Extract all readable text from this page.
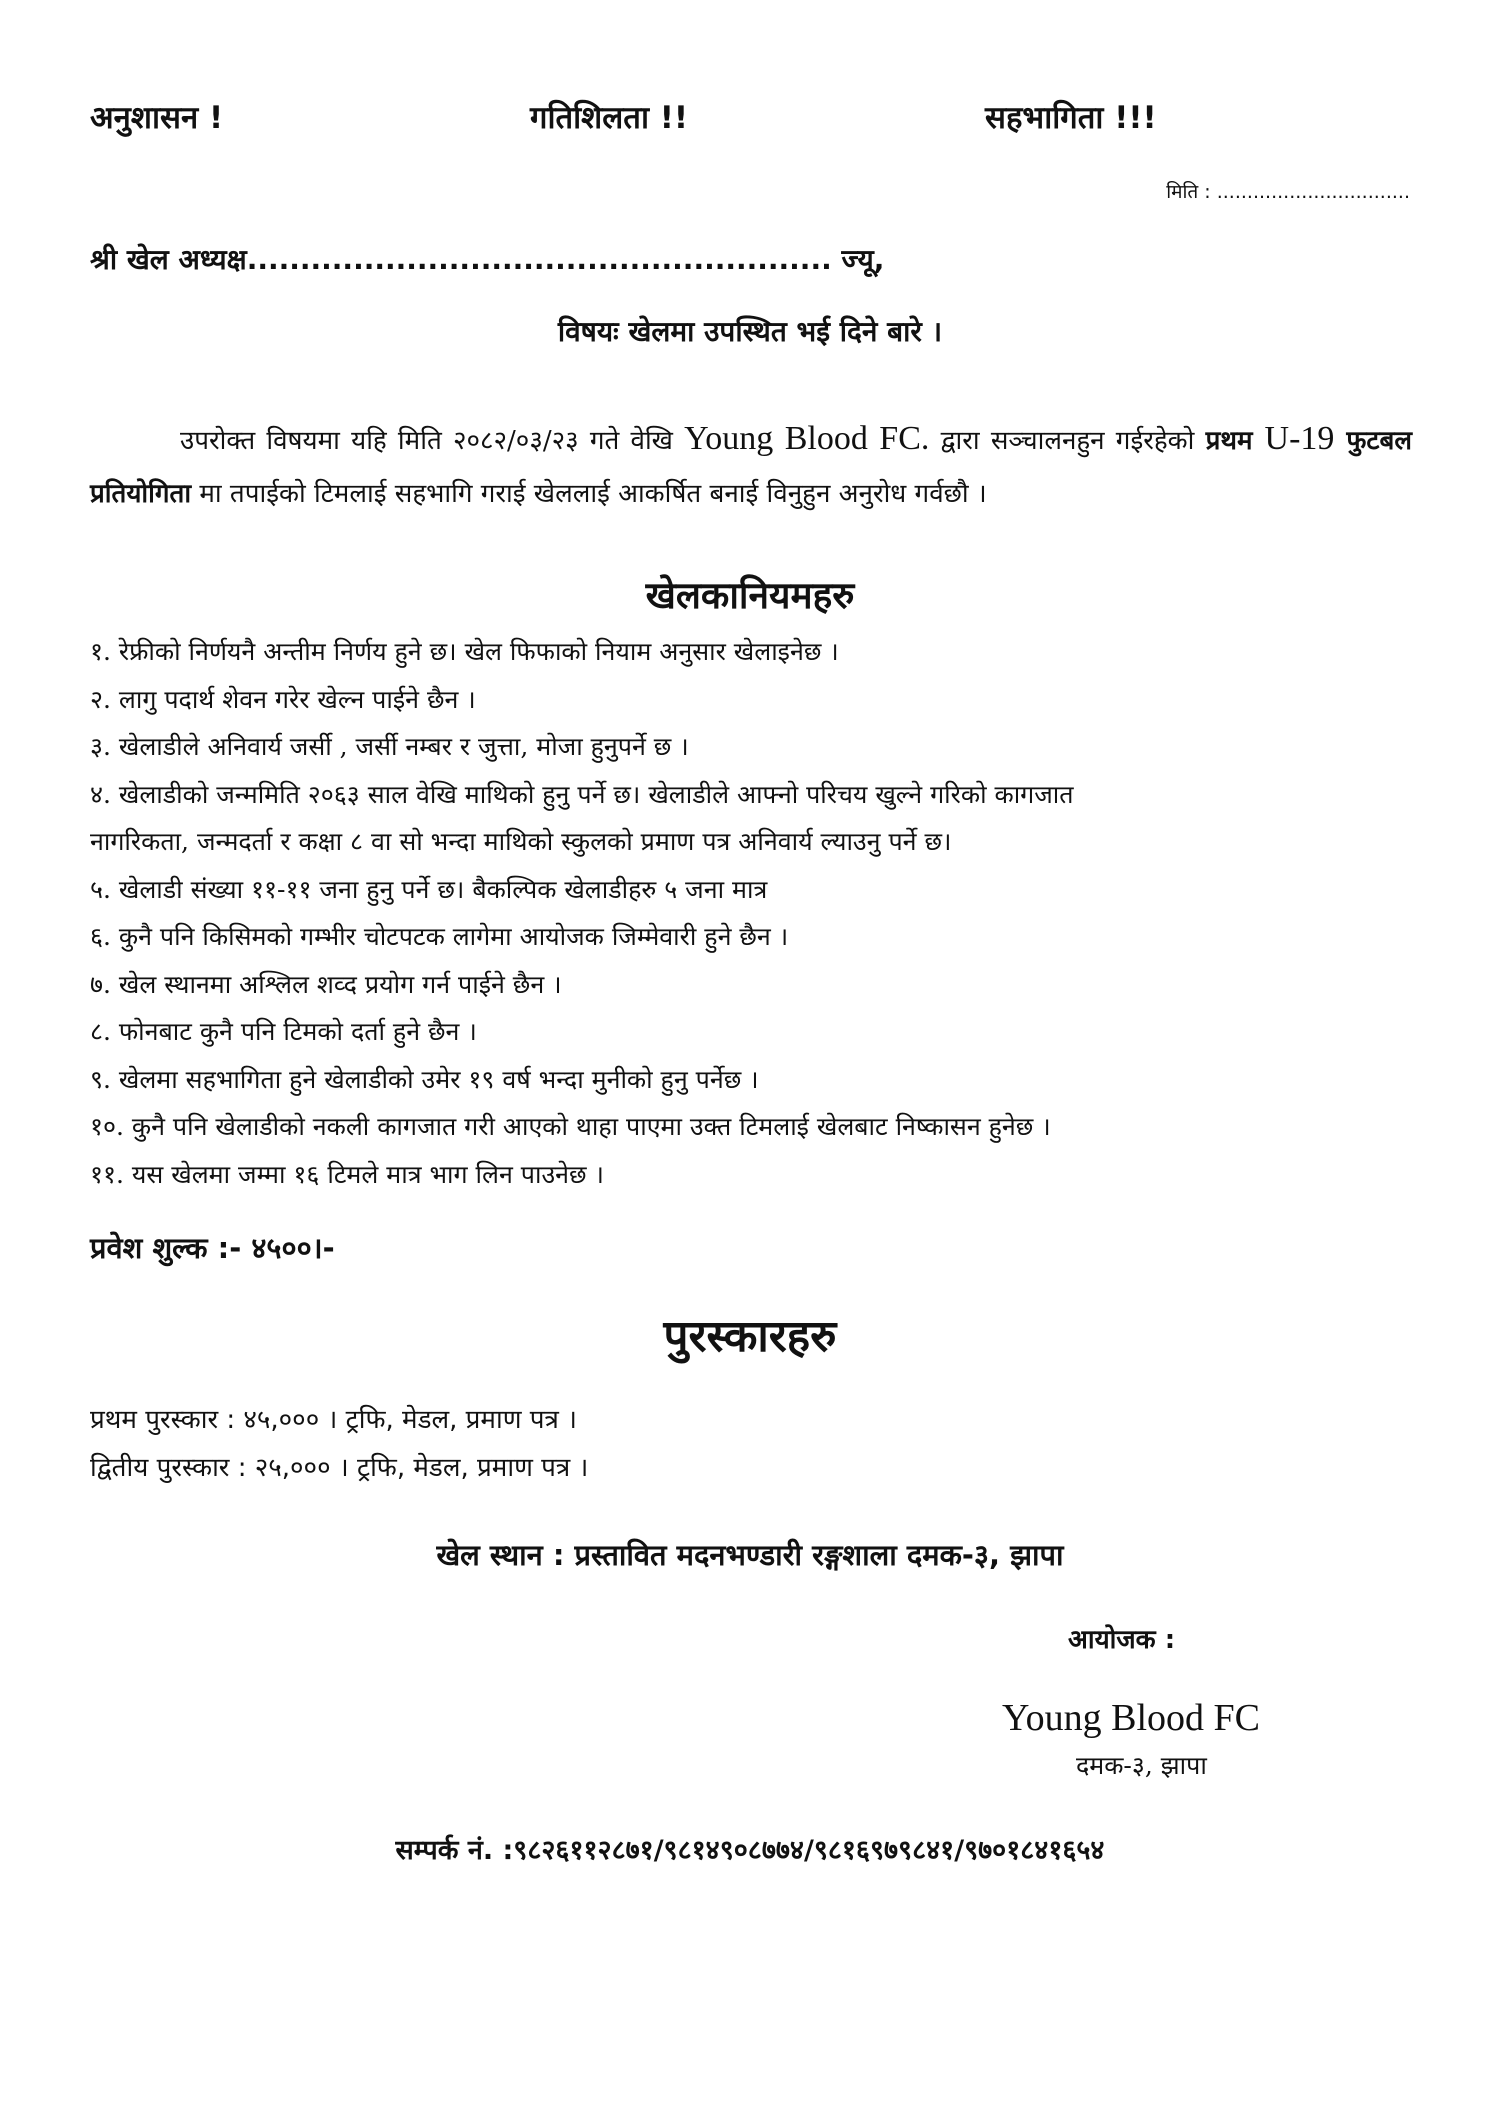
अनुशासन !	गतिशिलता !!	सहभागिता !!!
मिति : ................................
श्री खेल अध्यक्ष....................................................... ज्यू,
विषयः खेलमा उपस्थित भई दिने बारे ।

उपरोक्त विषयमा यहि मिति २०८२/०३/२३ गते वेखि Young Blood FC. द्वारा सञ्चालनहुन गईरहेको प्रथम U-19 फुटबल प्रतियोगिता मा तपाईको टिमलाई सहभागि गराई खेललाई आकर्षित बनाई विनुहुन अनुरोध गर्वछौ ।

खेलकानियमहरु
१. रेफ्रीको निर्णयनै अन्तीम निर्णय हुने छ। खेल फिफाको नियाम अनुसार खेलाइनेछ ।
२. लागु पदार्थ शेवन गरेर खेल्न पाईने छैन ।
३. खेलाडीले अनिवार्य जर्सी , जर्सी नम्बर र जुत्ता, मोजा हुनुपर्ने छ ।
४. खेलाडीको जन्ममिति २०६३ साल वेखि माथिको हुनु पर्ने छ। खेलाडीले आफ्नो परिचय खुल्ने गरिको कागजात
नागरिकता, जन्मदर्ता र कक्षा ८ वा सो भन्दा माथिको स्कुलको प्रमाण पत्र अनिवार्य ल्याउनु पर्ने छ।
५. खेलाडी संख्या ११-११ जना हुनु पर्ने छ। बैकल्पिक खेलाडीहरु ५ जना मात्र
६. कुनै पनि किसिमको गम्भीर चोटपटक लागेमा आयोजक जिम्मेवारी हुने छैन ।
७. खेल स्थानमा अश्लिल शव्द प्रयोग गर्न पाईने छैन ।
८. फोनबाट कुनै पनि टिमको दर्ता हुने छैन ।
९. खेलमा सहभागिता हुने खेलाडीको उमेर १९ वर्ष भन्दा मुनीको हुनु पर्नेछ ।
१०. कुनै पनि खेलाडीको नकली कागजात गरी आएको थाहा पाएमा उक्त टिमलाई खेलबाट निष्कासन हुनेछ ।
११. यस खेलमा जम्मा १६ टिमले मात्र भाग लिन पाउनेछ ।
प्रवेश शुल्क :- ४५००।-
पुरस्कारहरु
प्रथम पुरस्कार : ४५,००० । ट्रफि, मेडल, प्रमाण पत्र ।
द्वितीय पुरस्कार : २५,००० । ट्रफि, मेडल, प्रमाण पत्र ।
खेल स्थान : प्रस्तावित मदनभण्डारी रङ्गशाला दमक-३, झापा
आयोजक :
Young Blood FC
दमक-३, झापा
सम्पर्क नं. :९८२६११२८७१/९८१४९०८७७४/९८१६९७९८४१/९७०१८४१६५४
